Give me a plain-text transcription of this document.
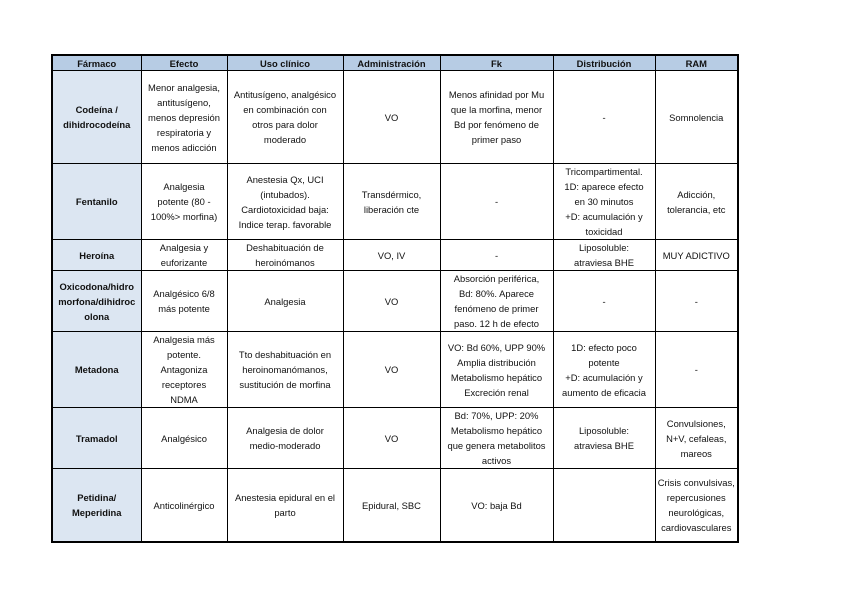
Fármaco	Efecto	Uso clínico	Administración	Fk	Distribución	RAM

Codeína /
dihidrocodeína	Menor analgesia,
antitusígeno,
menos depresión
respiratoria y
menos adicción	Antitusígeno, analgésico
en combinación con
otros para dolor
moderado	VO	Menos afinidad por Mu
que la morfina, menor
Bd por fenómeno de
primer paso	-	Somnolencia

Fentanilo	Analgesia
potente (80 -
100%> morfina)	Anestesia Qx, UCI
(intubados).
Cardiotoxicidad baja:
Indice terap. favorable	Transdérmico,
liberación cte	-	Tricompartimental.
1D: aparece efecto
en 30 minutos
+D: acumulación y
toxicidad	Adicción,
tolerancia, etc

Heroína	Analgesia y
euforizante	Deshabituación de
heroinómanos	VO, IV	-	Liposoluble:
atraviesa BHE	MUY ADICTIVO

Oxicodona/hidro
morfona/dihidroc
olona	Analgésico 6/8
más potente	Analgesia	VO	Absorción periférica,
Bd: 80%. Aparece
fenómeno de primer
paso. 12 h de efecto	-	-

Metadona	Analgesia más
potente.
Antagoniza
receptores
NDMA	Tto deshabituación en
heroinomanómanos,
sustitución de morfina	VO	VO: Bd 60%, UPP 90%
Amplia distribución
Metabolismo hepático
Excreción renal	1D: efecto poco
potente
+D: acumulación y
aumento de eficacia	-

Tramadol	Analgésico	Analgesia de dolor
medio-moderado	VO	Bd: 70%, UPP: 20%
Metabolismo hepático
que genera metabolitos
activos	Liposoluble:
atraviesa BHE	Convulsiones,
N+V, cefaleas,
mareos

Petidina/
Meperidina	Anticolinérgico	Anestesia epidural en el
parto	Epidural, SBC	VO: baja Bd		Crisis convulsivas,
repercusiones
neurológicas,
cardiovasculares
